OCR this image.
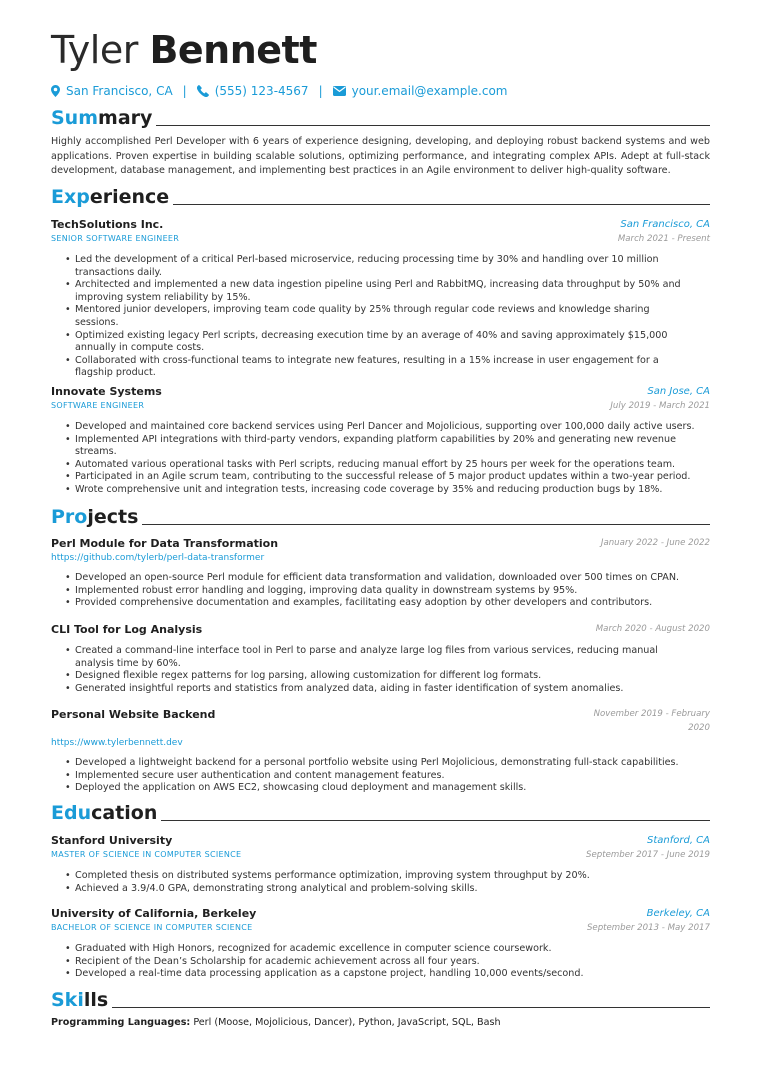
Tyler Bennett
San Francisco, CA | (555) 123-4567 | your.email@example.com
Summary

Highly accomplished Perl Developer with 6 years of experience designing, developing, and deploying robust backend systems and web applications. Proven expertise in building scalable solutions, optimizing performance, and integrating complex APIs. Adept at full-stack development, database management, and implementing best practices in an Agile environment to deliver high-quality software.

Experience
TechSolutions Inc.
SENIOR SOFTWARE ENGINEER
San Francisco, CA
March 2021 - Present
• Led the development of a critical Perl-based microservice, reducing processing time by 30% and handling over 10 million transactions daily.
• Architected and implemented a new data ingestion pipeline using Perl and RabbitMQ, increasing data throughput by 50% and improving system reliability by 15%.
• Mentored junior developers, improving team code quality by 25% through regular code reviews and knowledge sharing sessions.
• Optimized existing legacy Perl scripts, decreasing execution time by an average of 40% and saving approximately $15,000 annually in compute costs.
• Collaborated with cross-functional teams to integrate new features, resulting in a 15% increase in user engagement for a flagship product.
Innovate Systems
SOFTWARE ENGINEER
San Jose, CA
July 2019 - March 2021
• Developed and maintained core backend services using Perl Dancer and Mojolicious, supporting over 100,000 daily active users.
• Implemented API integrations with third-party vendors, expanding platform capabilities by 20% and generating new revenue streams.
• Automated various operational tasks with Perl scripts, reducing manual effort by 25 hours per week for the operations team.
• Participated in an Agile scrum team, contributing to the successful release of 5 major product updates within a two-year period.
• Wrote comprehensive unit and integration tests, increasing code coverage by 35% and reducing production bugs by 18%.
Projects
Perl Module for Data Transformation
https://github.com/tylerb/perl-data-transformer
January 2022 - June 2022
• Developed an open-source Perl module for efficient data transformation and validation, downloaded over 500 times on CPAN.
• Implemented robust error handling and logging, improving data quality in downstream systems by 95%.
• Provided comprehensive documentation and examples, facilitating easy adoption by other developers and contributors.
CLI Tool for Log Analysis	March 2020 - August 2020
• Created a command-line interface tool in Perl to parse and analyze large log files from various services, reducing manual analysis time by 60%.
• Designed flexible regex patterns for log parsing, allowing customization for different log formats.
• Generated insightful reports and statistics from analyzed data, aiding in faster identification of system anomalies.
Personal Website Backend
https://www.tylerbennett.dev
November 2019 - February
2020
• Developed a lightweight backend for a personal portfolio website using Perl Mojolicious, demonstrating full-stack capabilities.
• Implemented secure user authentication and content management features.
• Deployed the application on AWS EC2, showcasing cloud deployment and management skills.
Education
Stanford University
MASTER OF SCIENCE IN COMPUTER SCIENCE
Stanford, CA
September 2017 - June 2019
• Completed thesis on distributed systems performance optimization, improving system throughput by 20%.
• Achieved a 3.9/4.0 GPA, demonstrating strong analytical and problem-solving skills.
University of California, Berkeley
BACHELOR OF SCIENCE IN COMPUTER SCIENCE
Berkeley, CA
September 2013 - May 2017
• Graduated with High Honors, recognized for academic excellence in computer science coursework.
• Recipient of the Dean’s Scholarship for academic achievement across all four years.
• Developed a real-time data processing application as a capstone project, handling 10,000 events/second.
Skills
Programming Languages: Perl (Moose, Mojolicious, Dancer), Python, JavaScript, SQL, Bash
